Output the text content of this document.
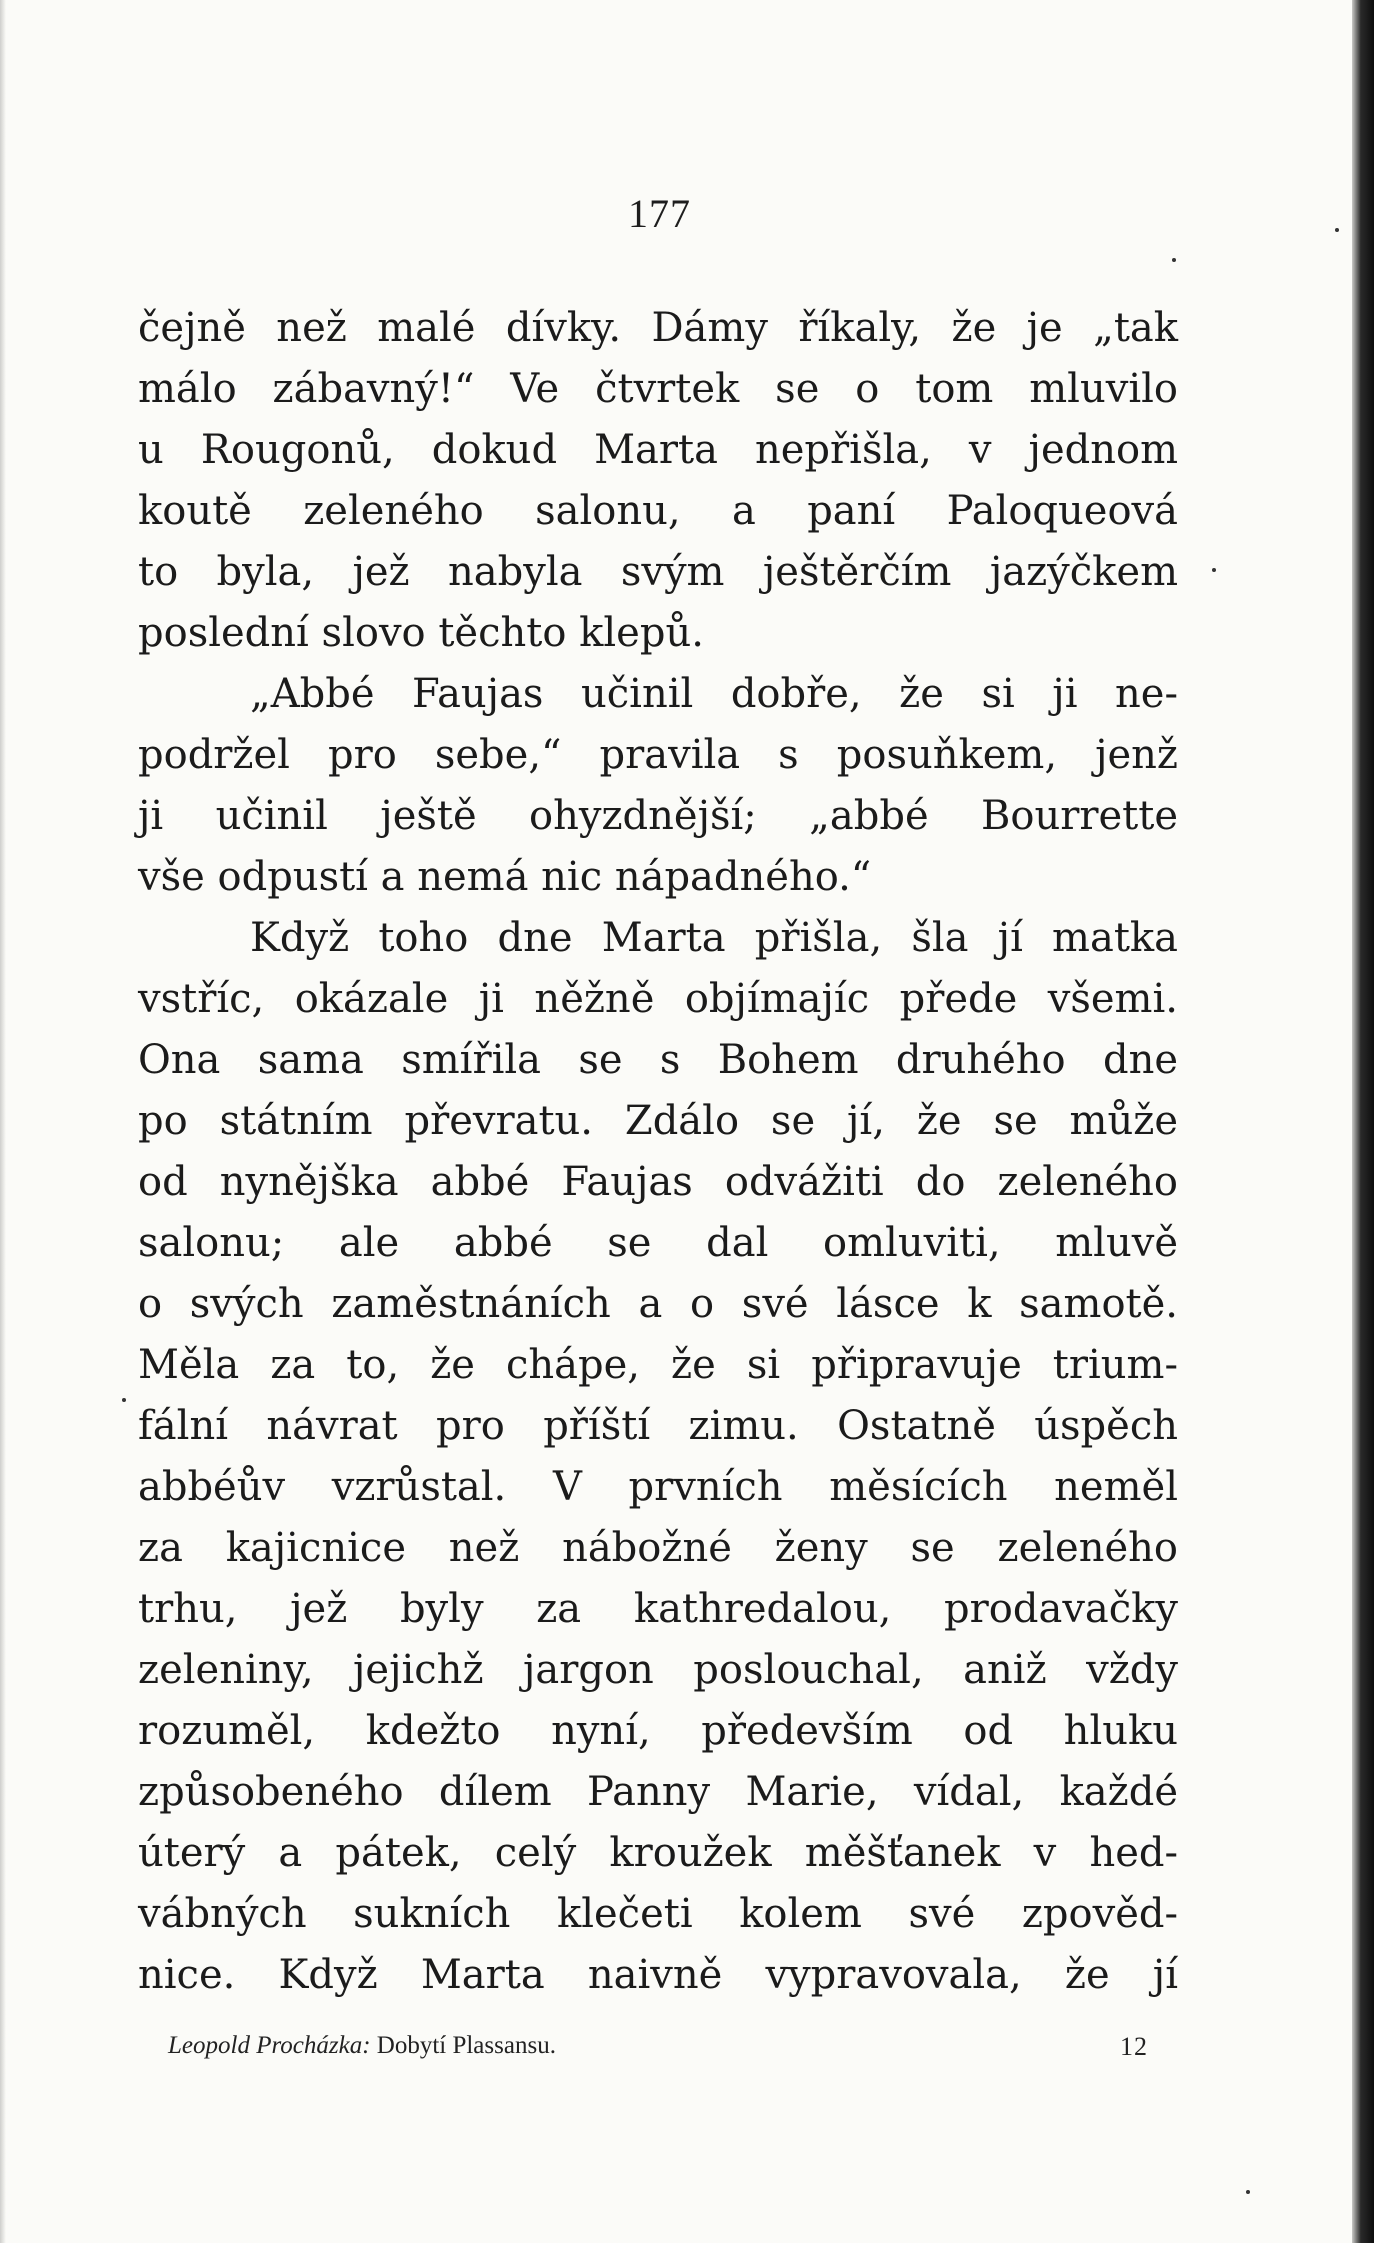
177
čejně než malé dívky. Dámy říkaly, že je „tak
málo zábavný!“ Ve čtvrtek se o tom mluvilo
u Rougonů, dokud Marta nepřišla, v jednom
koutě zeleného salonu, a paní Paloqueová
to byla, jež nabyla svým ještěrčím jazýčkem
poslední slovo těchto klepů.
„Abbé Faujas učinil dobře, že si ji ne-
podržel pro sebe,“ pravila s posuňkem, jenž
ji učinil ještě ohyzdnější; „abbé Bourrette
vše odpustí a nemá nic nápadného.“
Když toho dne Marta přišla, šla jí matka
vstříc, okázale ji něžně objímajíc přede všemi.
Ona sama smířila se s Bohem druhého dne
po státním převratu. Zdálo se jí, že se může
od nynějška abbé Faujas odvážiti do zeleného
salonu; ale abbé se dal omluviti, mluvě
o svých zaměstnáních a o své lásce k samotě.
Měla za to, že chápe, že si připravuje trium-
fální návrat pro příští zimu. Ostatně úspěch
abbéův vzrůstal. V prvních měsících neměl
za kajicnice než nábožné ženy se zeleného
trhu, jež byly za kathredalou, prodavačky
zeleniny, jejichž jargon poslouchal, aniž vždy
rozuměl, kdežto nyní, především od hluku
způsobeného dílem Panny Marie, vídal, každé
úterý a pátek, celý kroužek měšťanek v hed-
vábných sukních klečeti kolem své zpověd-
nice. Když Marta naivně vypravovala, že jí
Leopold Procházka: Dobytí Plassansu.	12
